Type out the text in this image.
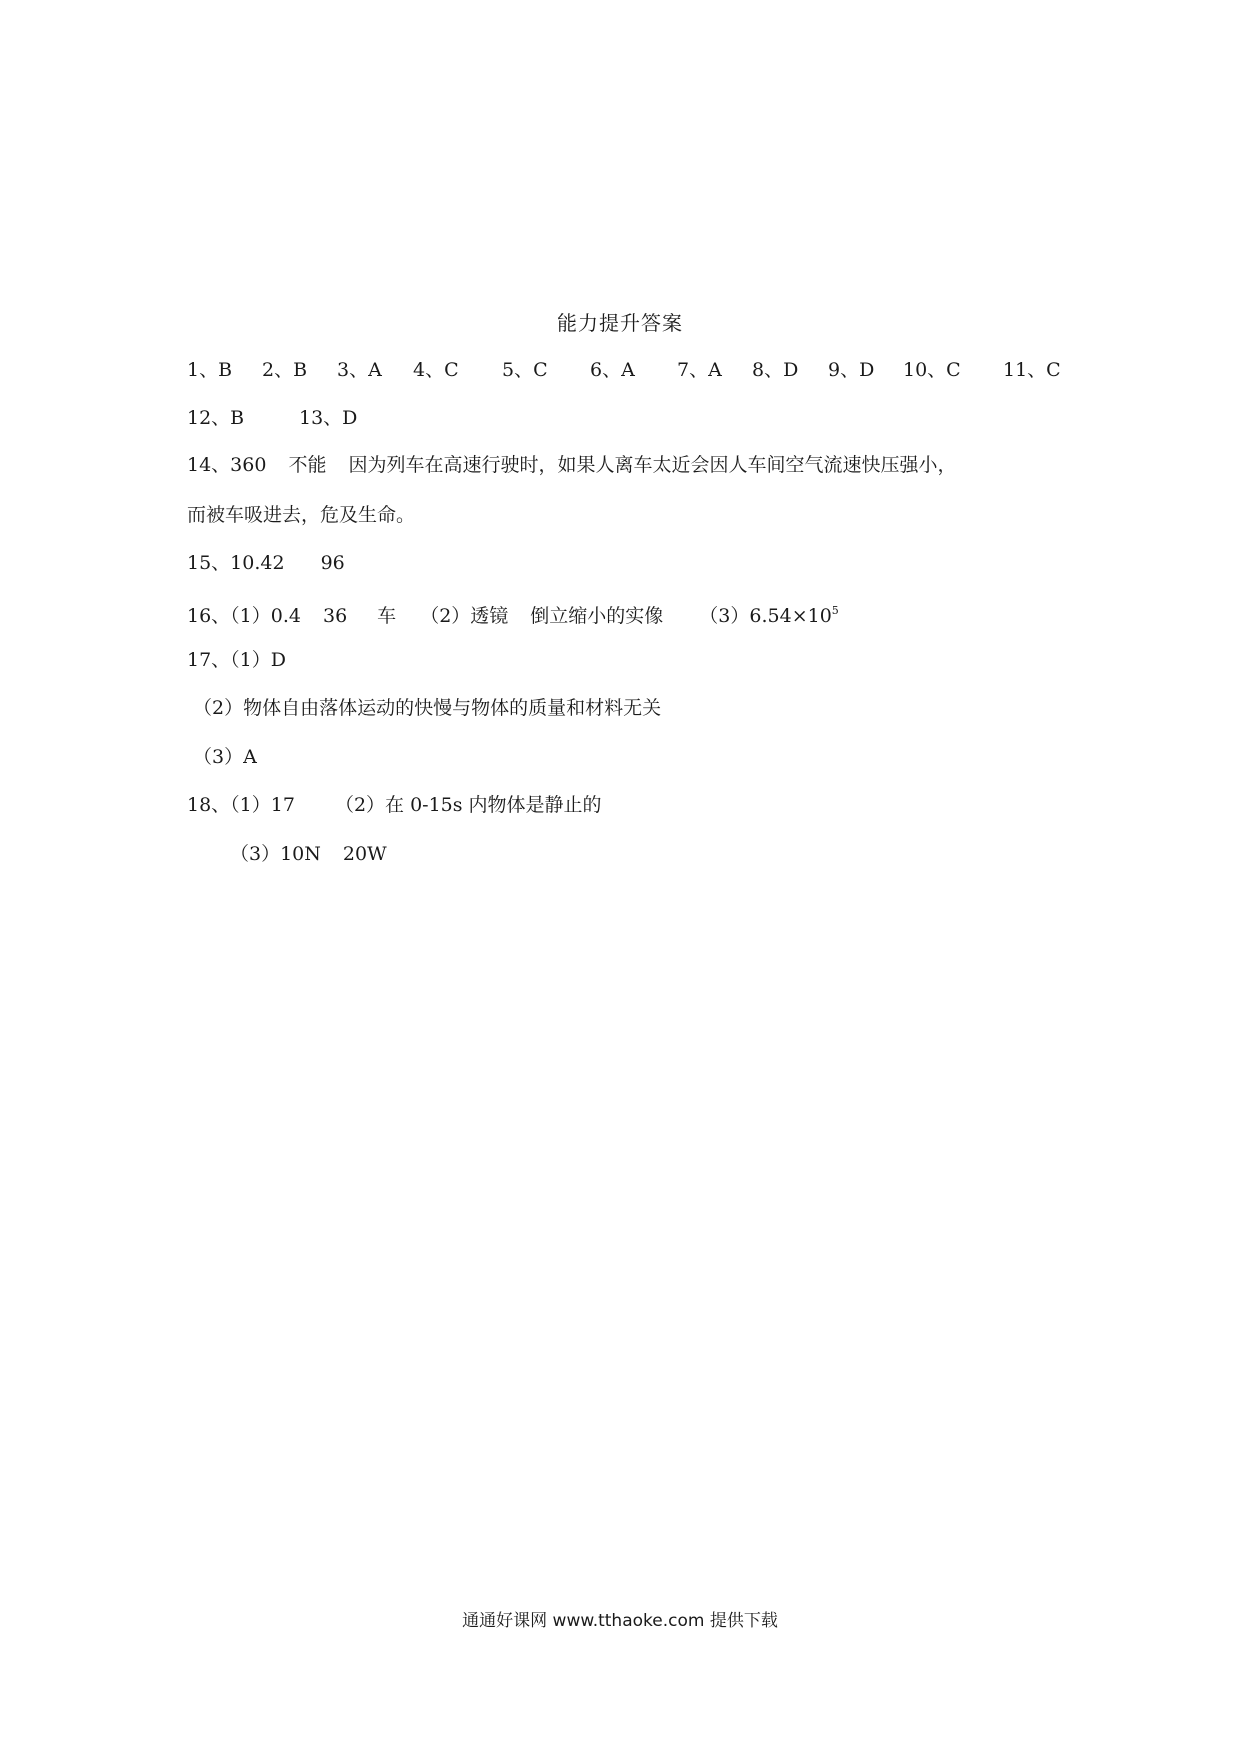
能力提升答案
1、B 2、B 3、A 4、C 5、C 6、A 7、A 8、D 9、D 10、C 11、C
12、B	13、D
14、360 不能 因为列车在高速行驶时，如果人离车太近会因人车间空气流速快压强小，
而被车吸进去，危及生命。
15、10.42 96
16、（1）0.4 36 车 （2）透镜 倒立缩小的实像 $(3)6.54\times 10^5$
17、（1）D
（2）物体自由落体运动的快慢与物体的质量和材料无关
（3）A
18、（1）17 （2）在 0-15s 内物体是静止的
（3）10N 20W
通通好课网 www.tthaoke.com 提供下载
